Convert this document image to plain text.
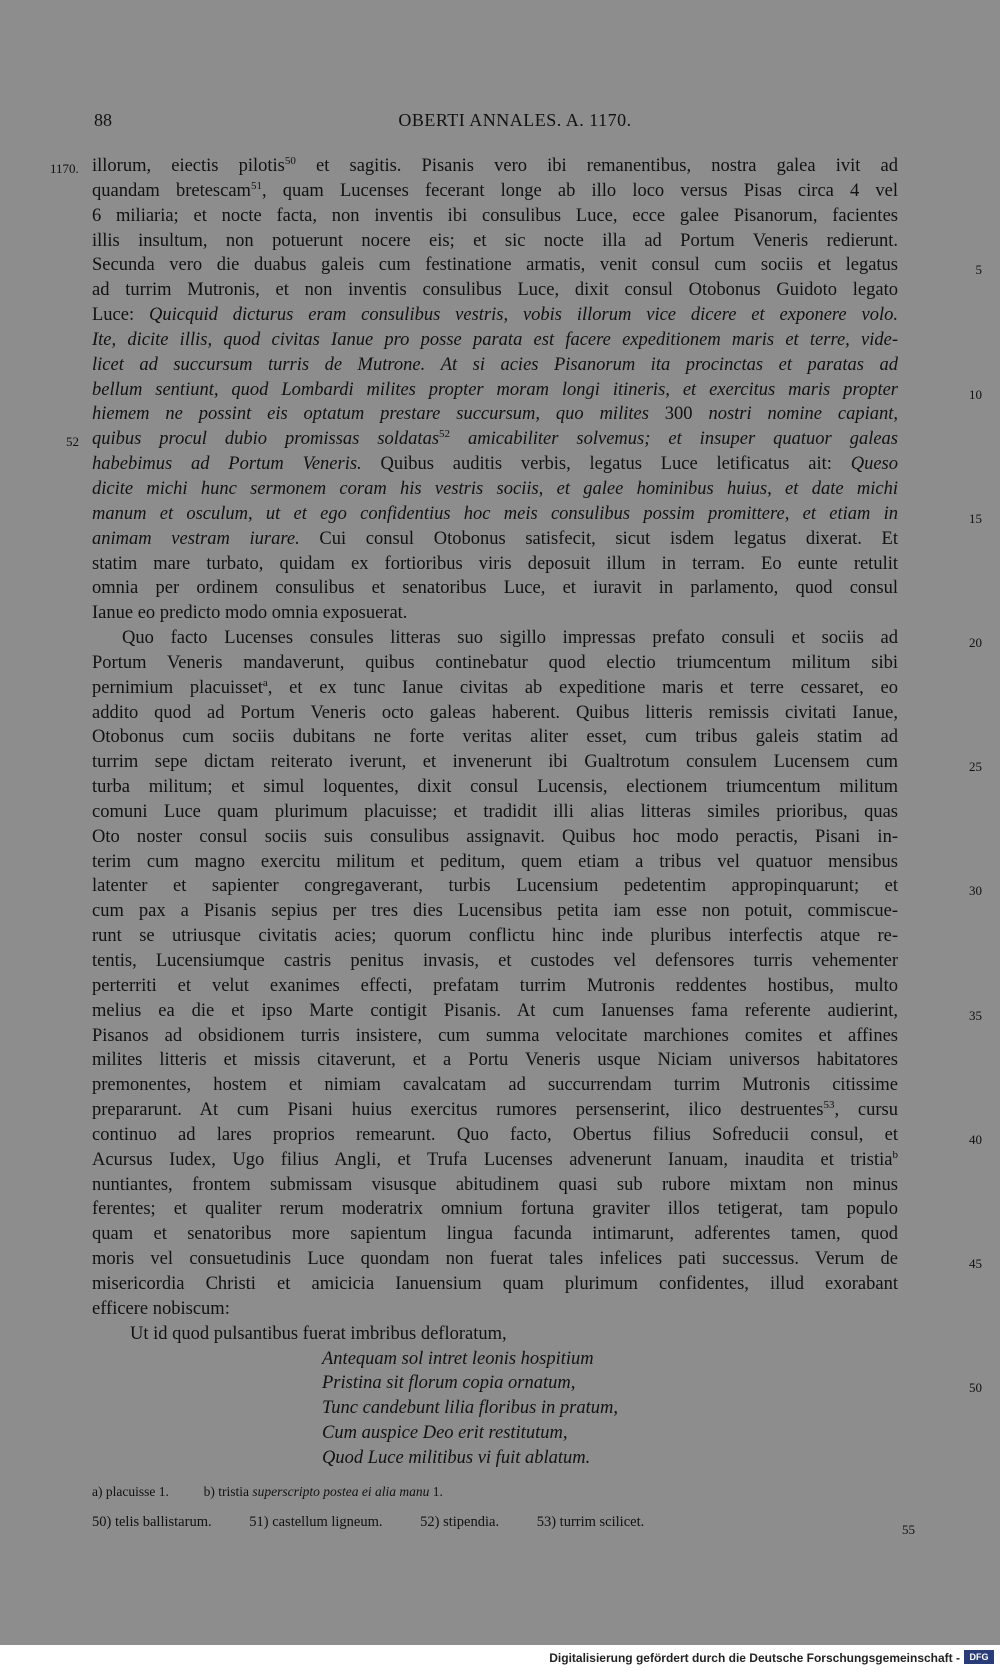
88	OBERTI ANNALES. A. 1170.
1170. illorum, eiectis pilotis$^{50}$ et sagitis. Pisanis vero ibi remanentibus, nostra galea ivit ad
quandam bretescam$^{51}$, quam Lucenses fecerant longe ab illo loco versus Pisas circa 4 vel
6 miliaria; et nocte facta, non inventis ibi consulibus Luce, ecce galee Pisanorum, facientes
illis insultum, non potuerunt nocere eis; et sic nocte illa ad Portum Veneris redierunt.
Secunda vero die duabus galeis cum festinatione armatis, venit consul cum sociis et legatus	5
ad turrim Mutronis, et non inventis consulibus Luce, dixit consul Otobonus Guidoto legato
Luce: Quicquid dicturus eram consulibus vestris, vobis illorum vice dicere et exponere volo.
Ite, dicite illis, quod civitas Ianue pro posse parata est facere expeditionem maris et terre, vide-
licet ad succursum turris de Mutrone. At si acies Pisanorum ita procinctas et paratas ad
bellum sentiunt, quod Lombardi milites propter moram longi itineris, et exercitus maris propter	10
hiemem ne possint eis optatum prestare succursum, quo milites 300 nostri nomine capiant,
quibus procul dubio promissas soldatas$^{52}$ amicabiliter solvemus; et insuper quatuor galeas
52
habebimus ad Portum Veneris. Quibus auditis verbis, legatus Luce letificatus ait: Queso
dicite michi hunc sermonem coram his vestris sociis, et galee hominibus huius, et date michi
manum et osculum, ut et ego confidentius hoc meis consulibus possim promittere, et etiam in	15
animam vestram iurare. Cui consul Otobonus satisfecit, sicut isdem legatus dixerat. Et
statim mare turbato, quidam ex fortioribus viris deposuit illum in terram. Eo eunte retulit
omnia per ordinem consulibus et senatoribus Luce, et iuravit in parlamento, quod consul
Ianue eo predicto modo omnia exposuerat.
Quo facto Lucenses consules litteras suo sigillo impressas prefato consuli et sociis ad	20
Portum Veneris mandaverunt, quibus continebatur quod electio triumcentum militum sibi
pernimium placuisset$^a$, et ex tunc Ianue civitas ab expeditione maris et terre cessaret, eo
addito quod ad Portum Veneris octo galeas haberent. Quibus litteris remissis civitati Ianue,
Otobonus cum sociis dubitans ne forte veritas aliter esset, cum tribus galeis statim ad
turrim sepe dictam reiterato iverunt, et invenerunt ibi Gualtrotum consulem Lucensem cum	25
turba militum; et simul loquentes, dixit consul Lucensis, electionem triumcentum militum
comuni Luce quam plurimum placuisse; et tradidit illi alias litteras similes prioribus, quas
Oto noster consul sociis suis consulibus assignavit. Quibus hoc modo peractis, Pisani in-
terim cum magno exercitu militum et peditum, quem etiam a tribus vel quatuor mensibus
latenter et sapienter congregaverant, turbis Lucensium pedetentim appropinquarunt; et	30
cum pax a Pisanis sepius per tres dies Lucensibus petita iam esse non potuit, commiscue-
runt se utriusque civitatis acies; quorum conflictu hinc inde pluribus interfectis atque re-
tentis, Lucensiumque castris penitus invasis, et custodes vel defensores turris vehementer
perterriti et velut exanimes effecti, prefatam turrim Mutronis reddentes hostibus, multo
melius ea die et ipso Marte contigit Pisanis. At cum Ianuenses fama referente audierint,	35
Pisanos ad obsidionem turris insistere, cum summa velocitate marchiones comites et affines
milites litteris et missis citaverunt, et a Portu Veneris usque Niciam universos habitatores
premonentes, hostem et nimiam cavalcatam ad succurrendam turrim Mutronis citissime
prepararunt. At cum Pisani huius exercitus rumores persenserint, ilico destruentes$^{53}$, cursu
continuo ad lares proprios remearunt. Quo facto, Obertus filius Sofreducii consul, et	40
Acursus Iudex, Ugo filius Angli, et Trufa Lucenses advenerunt Ianuam, inaudita et tristia$^b$
nuntiantes, frontem submissam visusque abitudinem quasi sub rubore mixtam non minus
ferentes; et qualiter rerum moderatrix omnium fortuna graviter illos tetigerat, tam populo
quam et senatoribus more sapientum lingua facunda intimarunt, adferentes tamen, quod
moris vel consuetudinis Luce quondam non fuerat tales infelices pati successus. Verum de	45
misericordia Christi et amicicia Ianuensium quam plurimum confidentes, illud exorabant
efficere nobiscum:
Ut id quod pulsantibus fuerat imbribus defloratum,
Antequam sol intret leonis hospitium
Pristina sit florum copia ornatum,	50
Tunc candebunt lilia floribus in pratum,
Cum auspice Deo erit restitutum,
Quod Luce militibus vi fuit ablatum.
a) placuisse 1.	b) tristia superscripto postea ei alia manu 1.
50) telis ballistarum.	51) castellum ligneum.	52) stipendia.	53) turrim scilicet.	55
Digitalisierung gefördert durch die Deutsche Forschungsgemeinschaft -	DFG
